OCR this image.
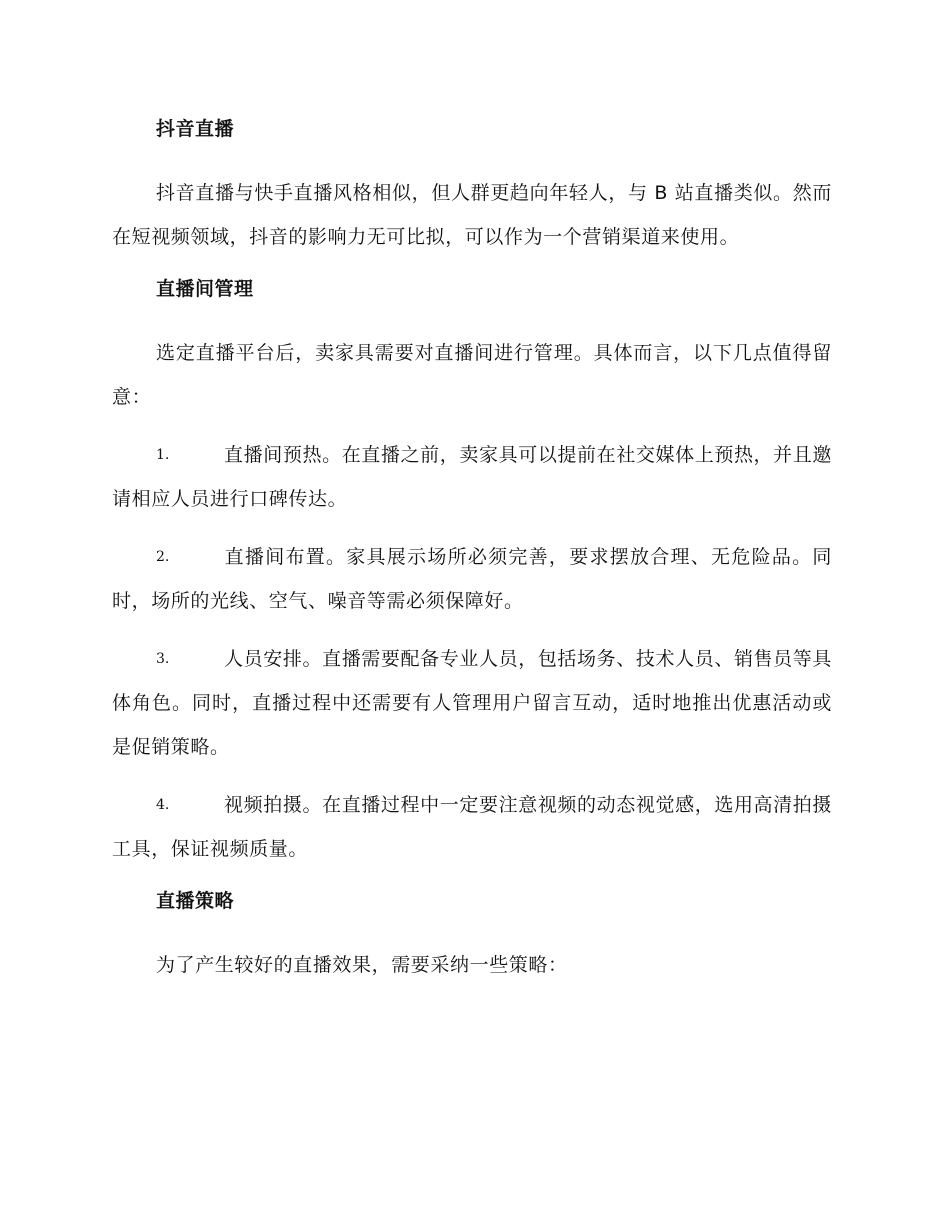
抖音直播

抖音直播与快手直播风格相似，但人群更趋向年轻人，与 B 站直播类似。然而在短视频领域，抖音的影响力无可比拟，可以作为一个营销渠道来使用。

直播间管理

选定直播平台后，卖家具需要对直播间进行管理。具体而言，以下几点值得留意：

1.	直播间预热。在直播之前，卖家具可以提前在社交媒体上预热，并且邀请相应人员进行口碑传达。

2.	直播间布置。家具展示场所必须完善，要求摆放合理、无危险品。同时，场所的光线、空气、噪音等需必须保障好。

3.	人员安排。直播需要配备专业人员，包括场务、技术人员、销售员等具体角色。同时，直播过程中还需要有人管理用户留言互动，适时地推出优惠活动或是促销策略。

4.	视频拍摄。在直播过程中一定要注意视频的动态视觉感，选用高清拍摄工具，保证视频质量。

直播策略

为了产生较好的直播效果，需要采纳一些策略：
